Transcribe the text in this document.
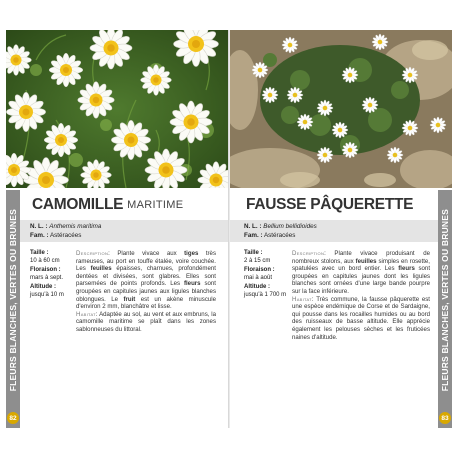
FLEURS BLANCHES, VERTES OU BRUNES
82
CAMOMILLE MARITIME
N. L. : Anthemis maritima
Fam. : Astéracées
Taille :
10 à 60 cm
Floraison :
mars à sept.
Altitude :
jusqu'à 10 m
Description: Plante vivace aux tiges très rameuses, au port en touffe étalée, voire couchée. Les feuilles épaisses, charnues, profondément dentées et divisées, sont glabres. Elles sont parsemées de points profonds. Les fleurs sont groupées en capitules jaunes aux ligules blanches oblongues. Le fruit est un akène minuscule d'environ 2 mm, blanchâtre et lisse.
Habitat: Adaptée au sol, au vent et aux embruns, la camomille maritime se plaît dans les zones sablonneuses du littoral.	FLEURS BLANCHES, VERTES OU BRUNES
83
FAUSSE PÂQUERETTE
N. L. : Bellium bellidioides
Fam. : Astéracées
Taille :
2 à 15 cm
Floraison :
mai à août
Altitude :
jusqu'à 1 700 m
Description: Plante vivace produisant de nombreux stolons, aux feuilles simples en rosette, spatulées avec un bord entier. Les fleurs sont groupées en capitules jaunes dont les ligules blanches sont ornées d'une large bande pourpre sur la face inférieure.
Habitat: Très commune, la fausse pâquerette est une espèce endémique de Corse et de Sardaigne, qui pousse dans les rocailles humides ou au bord des ruisseaux de basse altitude. Elle apprécie également les pelouses sèches et les fruticées naines d'altitude.
